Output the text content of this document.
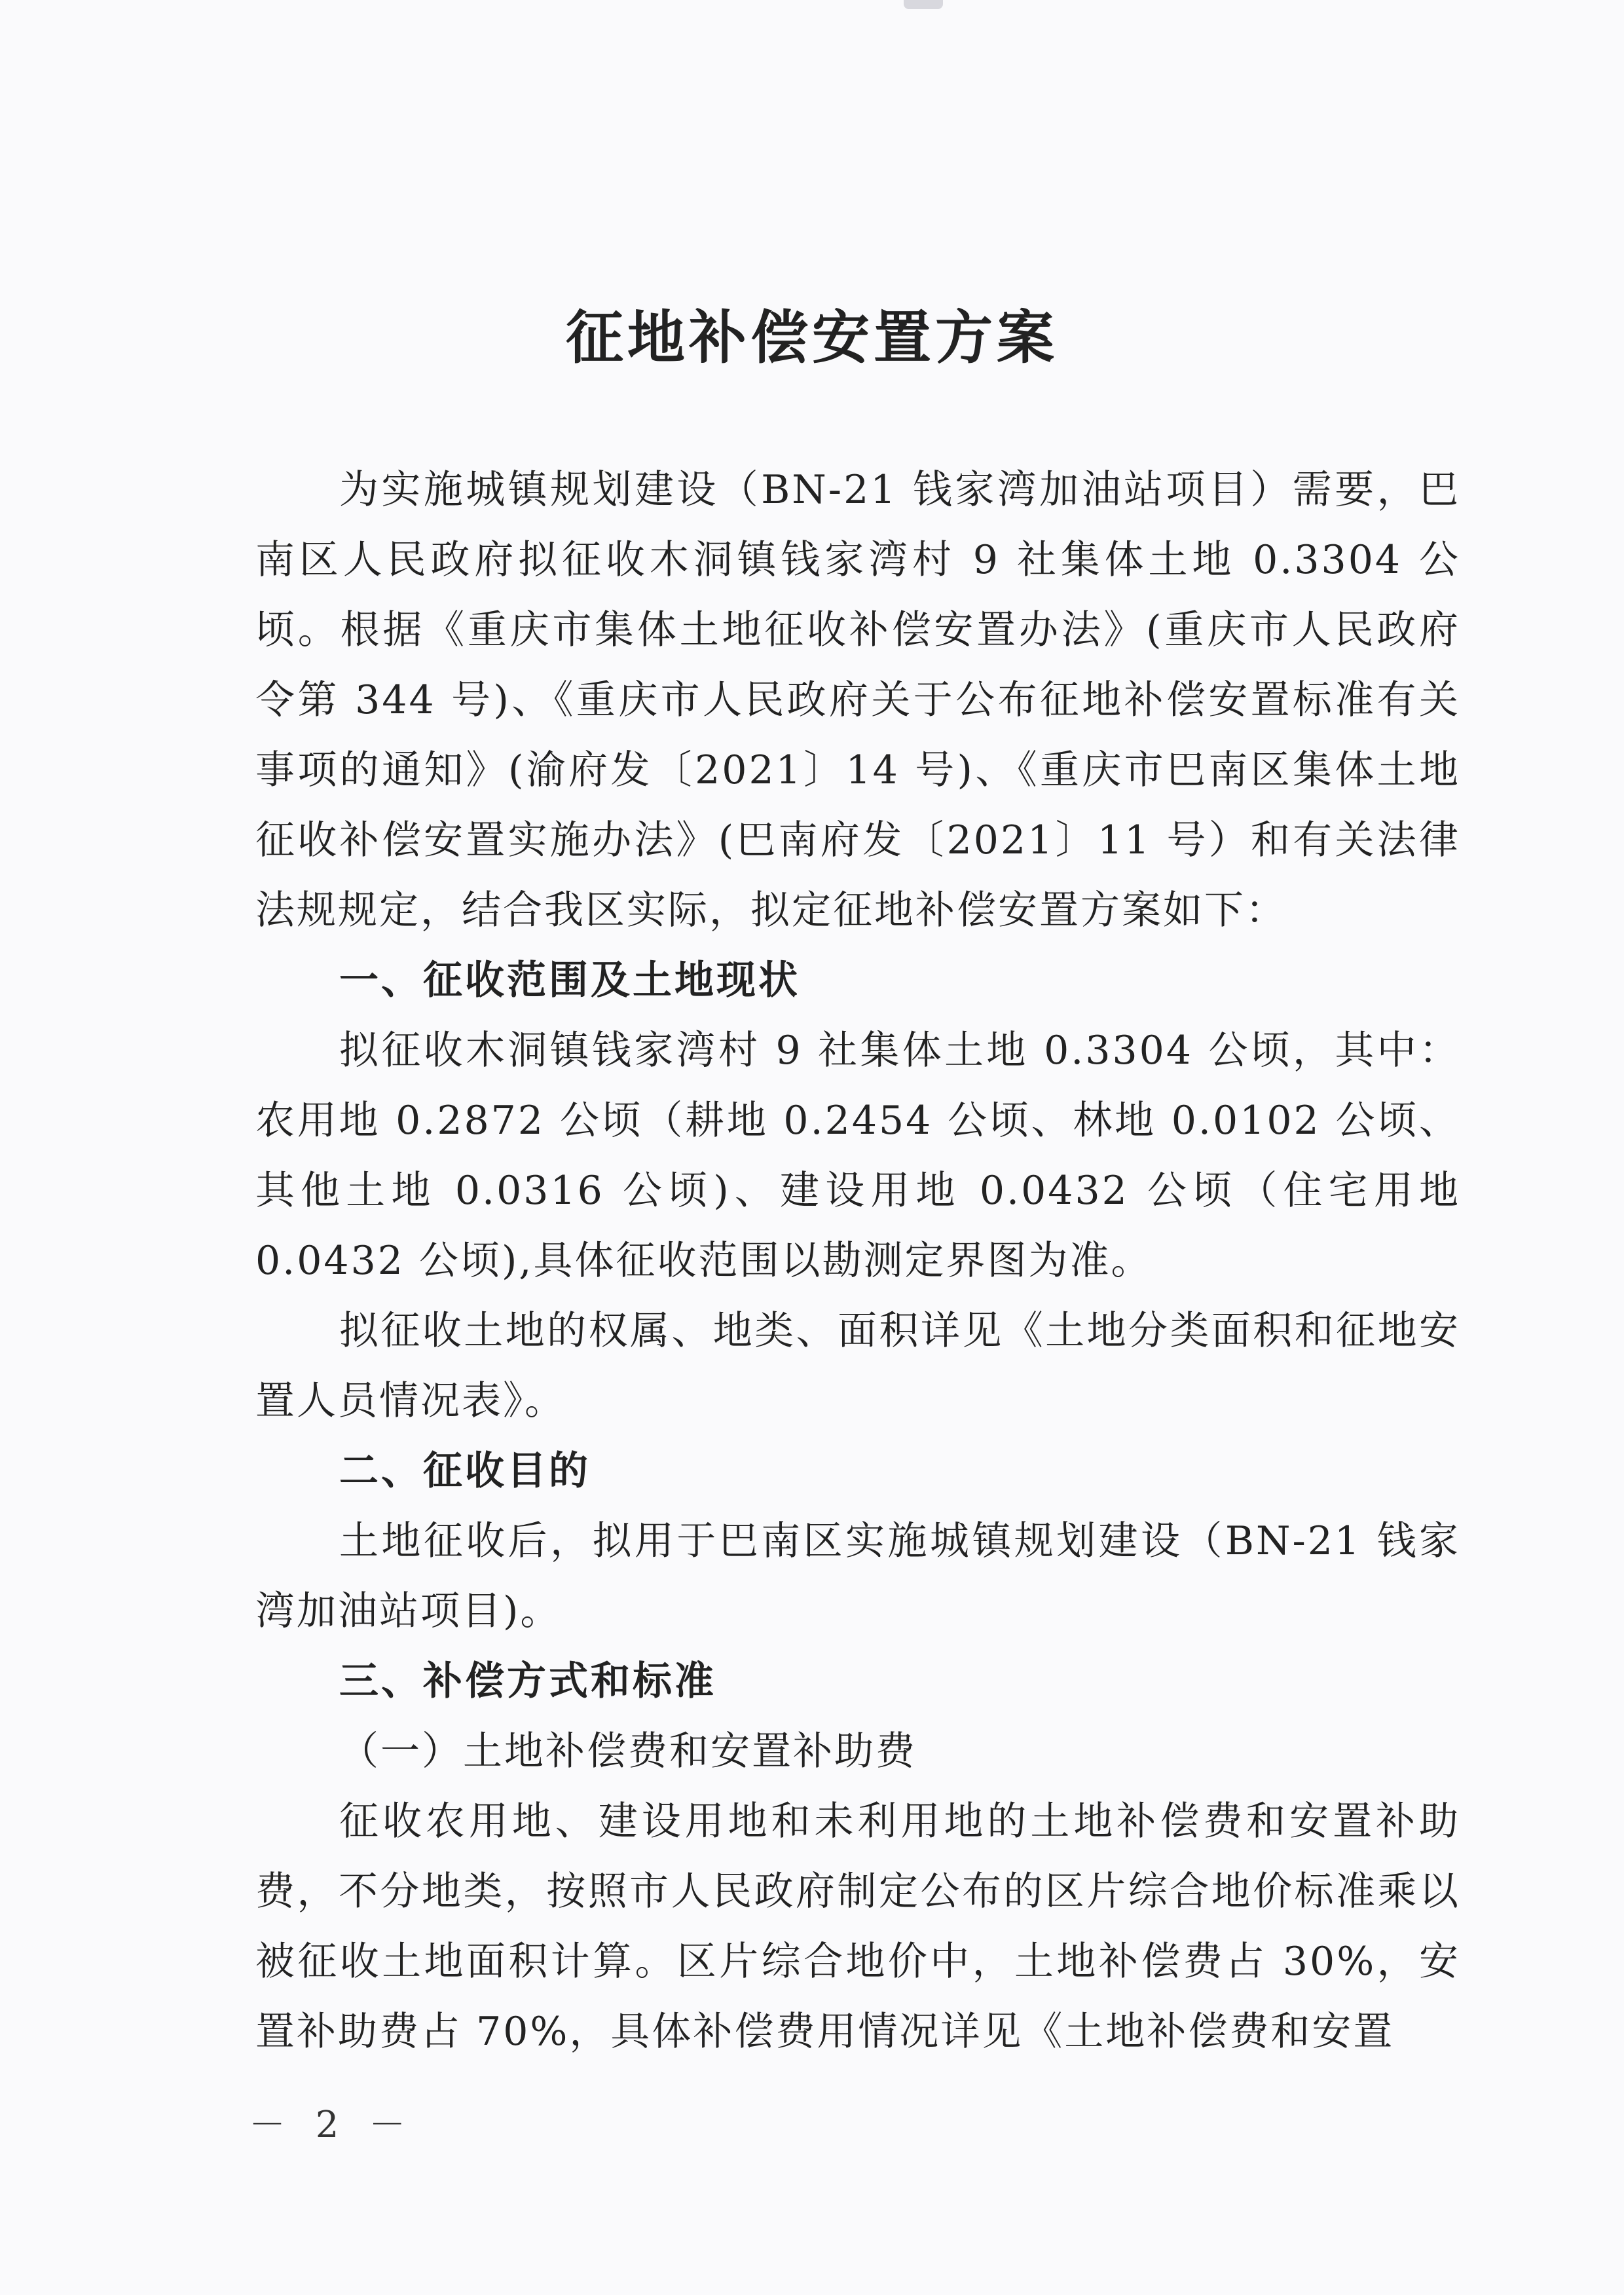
征地补偿安置方案

为实施城镇规划建设（BN-21 钱家湾加油站项目）需要，巴南区人民政府拟征收木洞镇钱家湾村 9 社集体土地 0.3304 公顷。根据《重庆市集体土地征收补偿安置办法》(重庆市人民政府令第 344 号)、《重庆市人民政府关于公布征地补偿安置标准有关事项的通知》(渝府发〔2021〕14 号)、《重庆市巴南区集体土地征收补偿安置实施办法》(巴南府发〔2021〕11 号）和有关法律法规规定，结合我区实际，拟定征地补偿安置方案如下：

一、征收范围及土地现状

拟征收木洞镇钱家湾村 9 社集体土地 0.3304 公顷，其中：农用地 0.2872 公顷（耕地 0.2454 公顷、林地 0.0102 公顷、其他土地 0.0316 公顷)、建设用地 0.0432 公顷（住宅用地 0.0432 公顷),具体征收范围以勘测定界图为准。

拟征收土地的权属、地类、面积详见《土地分类面积和征地安置人员情况表》。

二、征收目的

土地征收后，拟用于巴南区实施城镇规划建设（BN-21 钱家湾加油站项目)。

三、补偿方式和标准

（一）土地补偿费和安置补助费

征收农用地、建设用地和未利用地的土地补偿费和安置补助费，不分地类，按照市人民政府制定公布的区片综合地价标准乘以被征收土地面积计算。区片综合地价中，土地补偿费占 30%，安置补助费占 70%，具体补偿费用情况详见《土地补偿费和安置

－ 2 －
